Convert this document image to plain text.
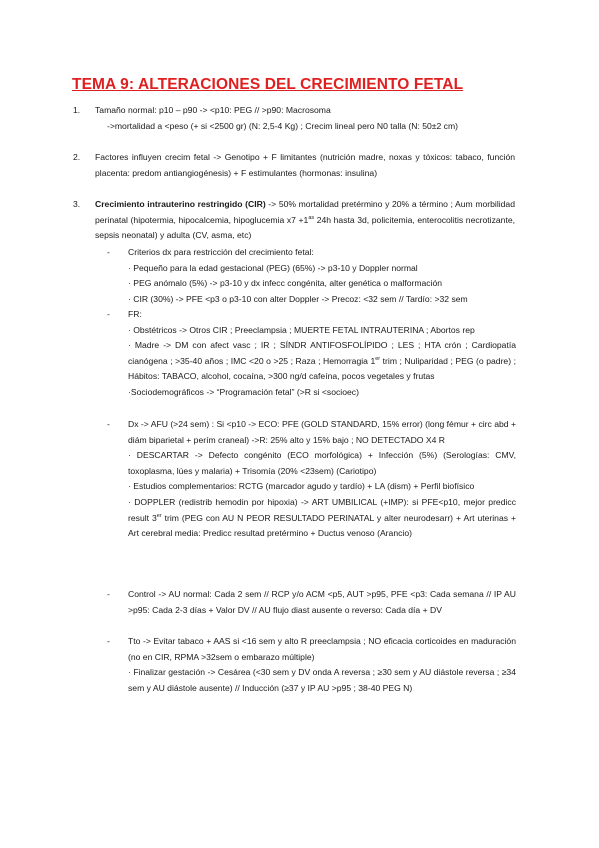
TEMA 9: ALTERACIONES DEL CRECIMIENTO FETAL
1. Tamaño normal: p10 – p90 -> <p10: PEG // >p90: Macrosoma

->mortalidad a <peso (+ si <2500 gr) (N: 2,5-4 Kg) ; Crecim lineal pero N0 talla (N: 50±2 cm)

2. Factores influyen crecim fetal -> Genotipo + F limitantes (nutrición madre, noxas y tóxicos: tabaco, función placenta: predom antiangiogénesis) + F estimulantes (hormonas: insulina)

3. Crecimiento intrauterino restringido (CIR) -> 50% mortalidad pretérmino y 20% a término ; Aum morbilidad perinatal (hipotermia, hipocalcemia, hipoglucemia $x7 +1^{as}$ 24h hasta 3d, policitemia, enterocolitis necrotizante, sepsis neonatal) y adulta (CV, asma, etc)

- Criterios dx para restricción del crecimiento fetal:

· Pequeño para la edad gestacional (PEG) (65%) -> p3-10 y Doppler normal

· PEG anómalo (5%) -> p3-10 y dx infecc congénita, alter genética o malformación

· CIR (30%) -> PFE <p3 o p3-10 con alter Doppler -> Precoz: <32 sem // Tardío: >32 sem

- FR:

· Obstétricos -> Otros CIR ; Preeclampsia ; MUERTE FETAL INTRAUTERINA ; Abortos rep

· Madre -> DM con afect vasc ; IR ; SÍNDR ANTIFOSFOLÍPIDO ; LES ; HTA crón ; Cardiopatía cianógena ; >35-40 años ; IMC <20 o >25 ; Raza ; Hemorragia 1er trim ; Nuliparidad ; PEG (o padre) ; Hábitos: TABACO, alcohol, cocaína, >300 ng/d cafeína, pocos vegetales y frutas

·Sociodemográficos -> “Programación fetal” (>R si <socioec)

- Dx -> AFU (>24 sem) : Si <p10 -> ECO: PFE (GOLD STANDARD, 15% error) (long fémur + circ abd + diám biparietal + perím craneal) ->R: 25% alto y 15% bajo ; NO DETECTADO X4 R

· DESCARTAR -> Defecto congénito (ECO morfológica) + Infección (5%) (Serologías: CMV, toxoplasma, lúes y malaria) + Trisomía (20% <23sem) (Cariotipo)

· Estudios complementarios: RCTG (marcador agudo y tardío) + LA (dism) + Perfil biofísico

· DOPPLER (redistrib hemodin por hipoxia) -> ART UMBILICAL (+IMP): si PFE<p10, mejor predicc result 3er trim (PEG con AU N PEOR RESULTADO PERINATAL y alter neurodesarr) + Art uterinas + Art cerebral media: Predicc resultad pretérmino + Ductus venoso (Arancio)

- Control -> AU normal: Cada 2 sem // RCP y/o ACM <p5, AUT >p95, PFE <p3: Cada semana // IP AU >p95: Cada 2-3 días + Valor DV // AU flujo diast ausente o reverso: Cada día + DV

- Tto -> Evitar tabaco + AAS si <16 sem y alto R preeclampsia ; NO eficacia corticoides en maduración (no en CIR, RPMA >32sem o embarazo múltiple)

· Finalizar gestación -> Cesárea (<30 sem y DV onda A reversa ; ≥30 sem y AU diástole reversa ; ≥34 sem y AU diástole ausente) // Inducción (≥37 y IP AU >p95 ; 38-40 PEG N)
